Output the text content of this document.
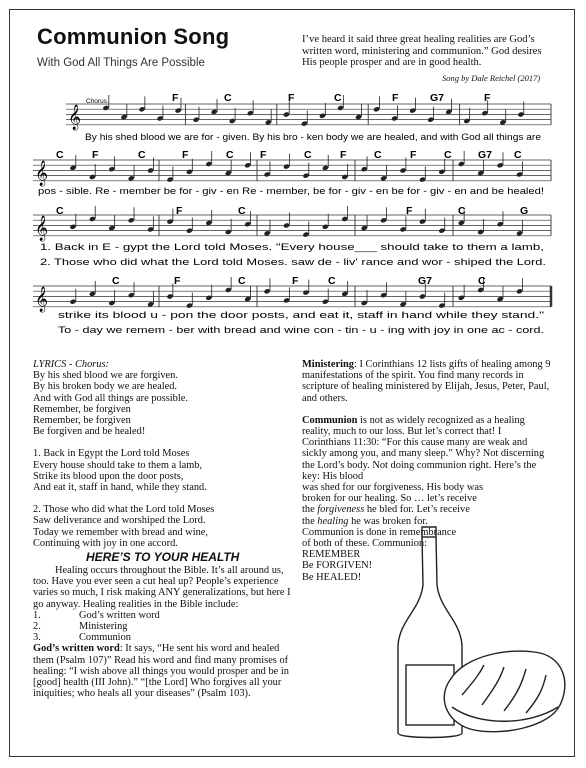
Communion Song
With God All Things Are Possible
I’ve heard it said three great healing realities are God’s written word, ministering and communion.” God desires His people prosper and are in good health.
Song by Dale Reichel (2017)
𝄞
𝄞
𝄞
𝄞
Chorus	F	C	F	C	F	G7	F
By his shed blood we are for - given. By his bro - ken body we are healed, and with God all things are
C	F	C	F	C	F	C	F	C	F	C	G7 C
pos - sible. Re - member be for - giv - en Re - member, be for - giv - en be for - giv - en and be healed!
C	F	C	F	C	G
1. Back in E - gypt the Lord told Moses. "Every house___ should take to them a lamb,
2. Those who did what the Lord told Moses. saw de - liv' rance and wor - shiped the Lord.
C	F	C	F	C	G7	C
strike its blood u - pon the door posts, and eat it, staff in hand while they stand."
To - day we remem - ber with bread and wine con - tin - u - ing with joy in one ac - cord.

LYRICS - Chorus:

By his shed blood we are forgiven.

By his broken body we are healed.

And with God all things are possible.

Remember, be forgiven

Remember, be forgiven

Be forgiven and be healed!

1. Back in Egypt the Lord told Moses

Every house should take to them a lamb,

Strike its blood upon the door posts,

And eat it, staff in hand, while they stand.

2. Those who did what the Lord told Moses

Saw deliverance and worshiped the Lord.

Today we remember with bread and wine,

Continuing with joy in one accord.

HERE’S TO YOUR HEALTH

Healing occurs throughout the Bible. It’s all around us, too. Have you ever seen a cut heal up? People’s experience varies so much, I risk making ANY generalizations, but here I go anyway. Healing realities in the Bible include:

1.	God’s written word
2.	Ministering
3.	Communion

God’s written word: It says, “He sent his word and healed them (Psalm 107)” Read his word and find many promises of healing: “I wish above all things you would prosper and be in [good] health (III John).” “[the Lord] Who forgives all your iniquities; who heals all your diseases” (Psalm 103).

Ministering: I Corinthians 12 lists gifts of healing among 9 manifestations of the spirit. You find many records in scripture of healing ministered by Elijah, Jesus, Peter, Paul, and others.

Communion is not as widely recognized as a healing reality, much to our loss. But let’s correct that! I Corinthians 11:30: “For this cause many are weak and sickly among you, and many sleep.” Why? Not discerning the Lord’s body. Not doing communion right. Here’s the key: His blood

was shed for our forgiveness. His body was

broken for our healing. So … let’s receive

the forgiveness he bled for. Let’s receive

the healing he was broken for.

Communion is done in remembrance

of both of these. Communion:

REMEMBER

Be FORGIVEN!

Be HEALED!
